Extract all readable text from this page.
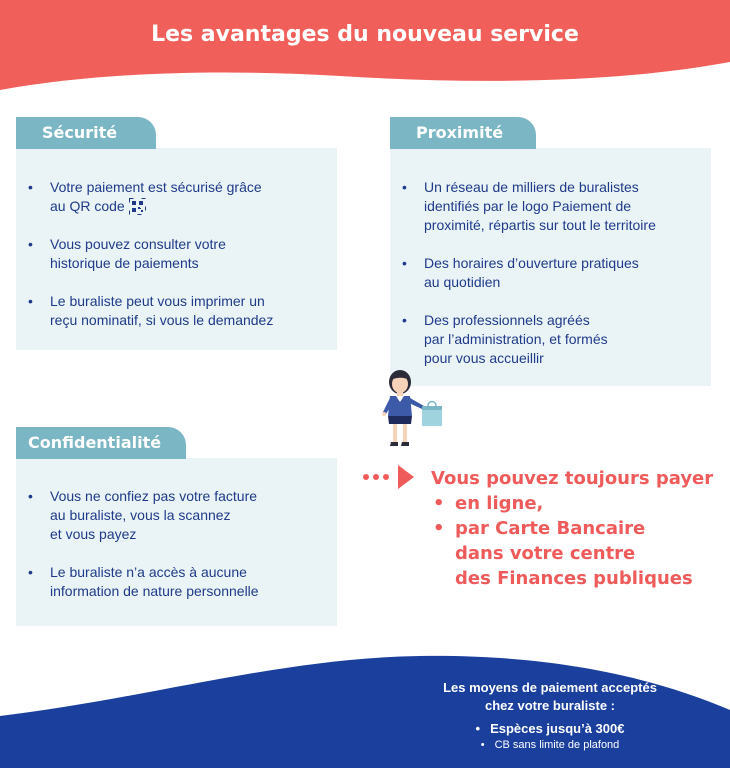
Les avantages du nouveau service
Sécurité
• Votre paiement est sécurisé grâce
au QR code
• Vous pouvez consulter votre
historique de paiements
• Le buraliste peut vous imprimer un
reçu nominatif, si vous le demandez
Proximité
• Un réseau de milliers de buralistes
identifiés par le logo Paiement de
proximité, répartis sur tout le territoire
• Des horaires d’ouverture pratiques
au quotidien
• Des professionnels agréés
par l’administration, et formés
pour vous accueillir
Confidentialité
• Vous ne confiez pas votre facture
au buraliste, vous la scannez
et vous payez
• Le buraliste n’a accès à aucune
information de nature personnelle
Vous pouvez toujours payer
• en ligne,
• par Carte Bancaire
dans votre centre
des Finances publiques
Les moyens de paiement acceptés
chez votre buraliste :
• Espèces jusqu’à 300€
• CB sans limite de plafond
